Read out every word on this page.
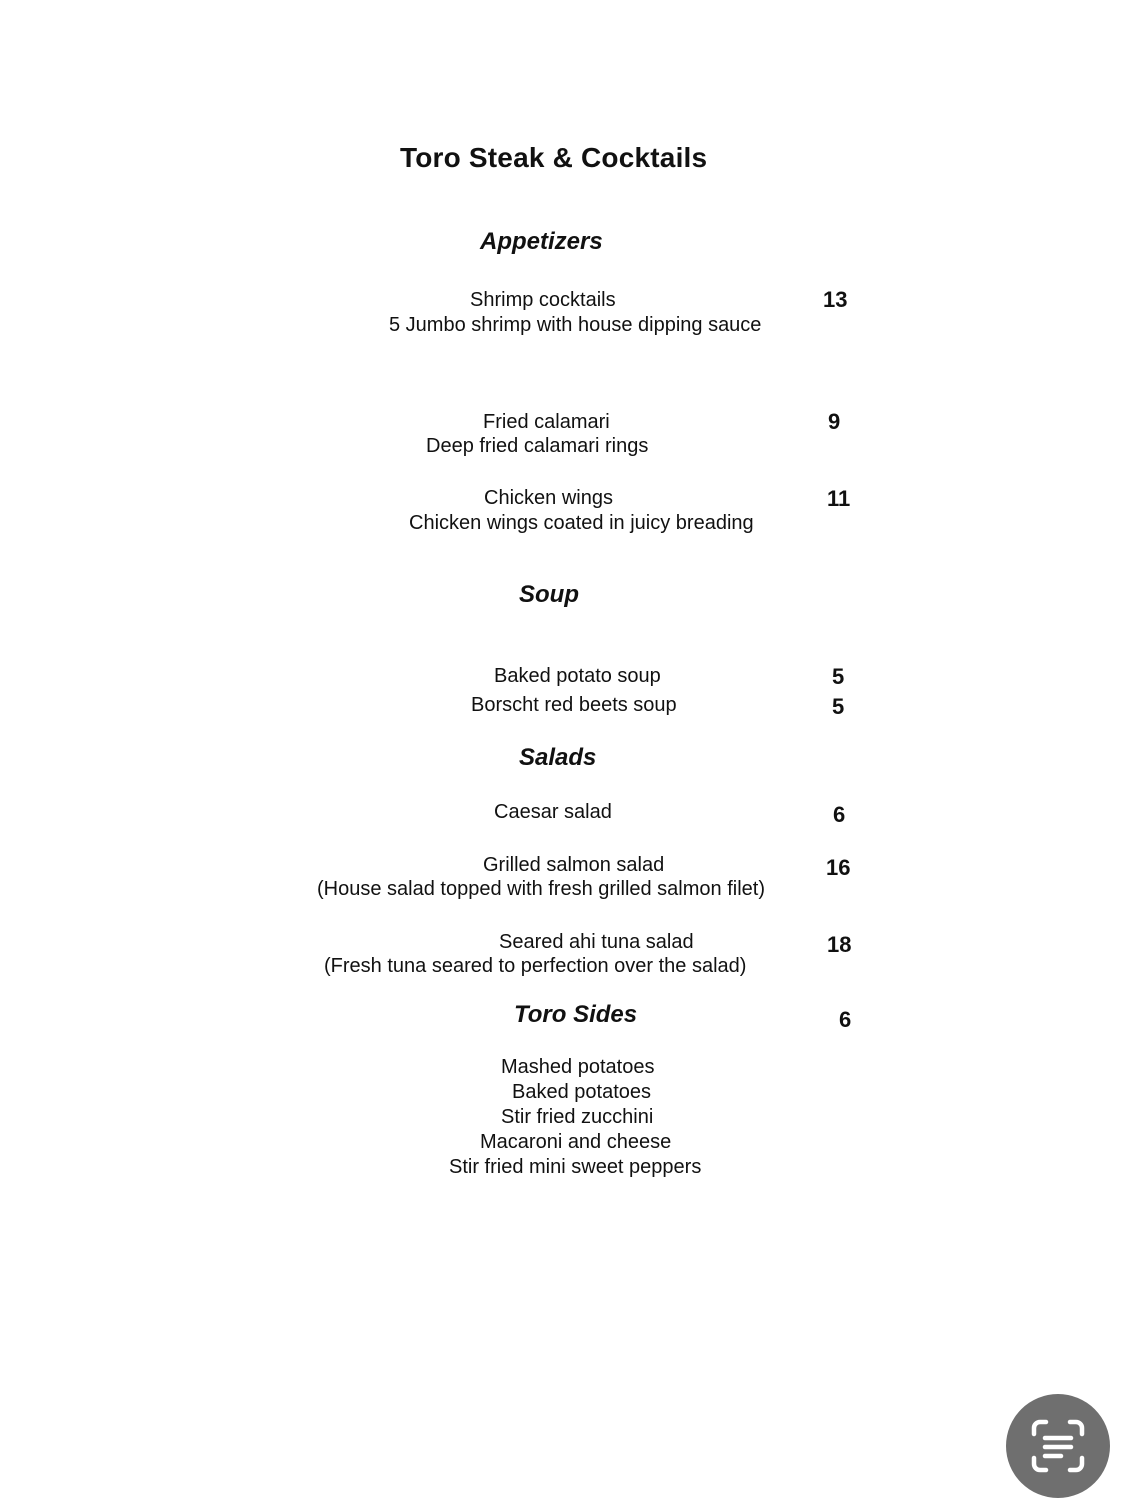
Toro Steak & Cocktails
Appetizers
Shrimp cocktails
5 Jumbo shrimp with house dipping sauce
13
Fried calamari
Deep fried calamari rings
9
Chicken wings
Chicken wings coated in juicy breading
11
Soup
Baked potato soup	5
Borscht red beets soup	5
Salads
Caesar salad	6
Grilled salmon salad
(House salad topped with fresh grilled salmon filet)
16
Seared ahi tuna salad
(Fresh tuna seared to perfection over the salad)
18
Toro Sides	6
Mashed potatoes
Baked potatoes
Stir fried zucchini
Macaroni and cheese
Stir fried mini sweet peppers
